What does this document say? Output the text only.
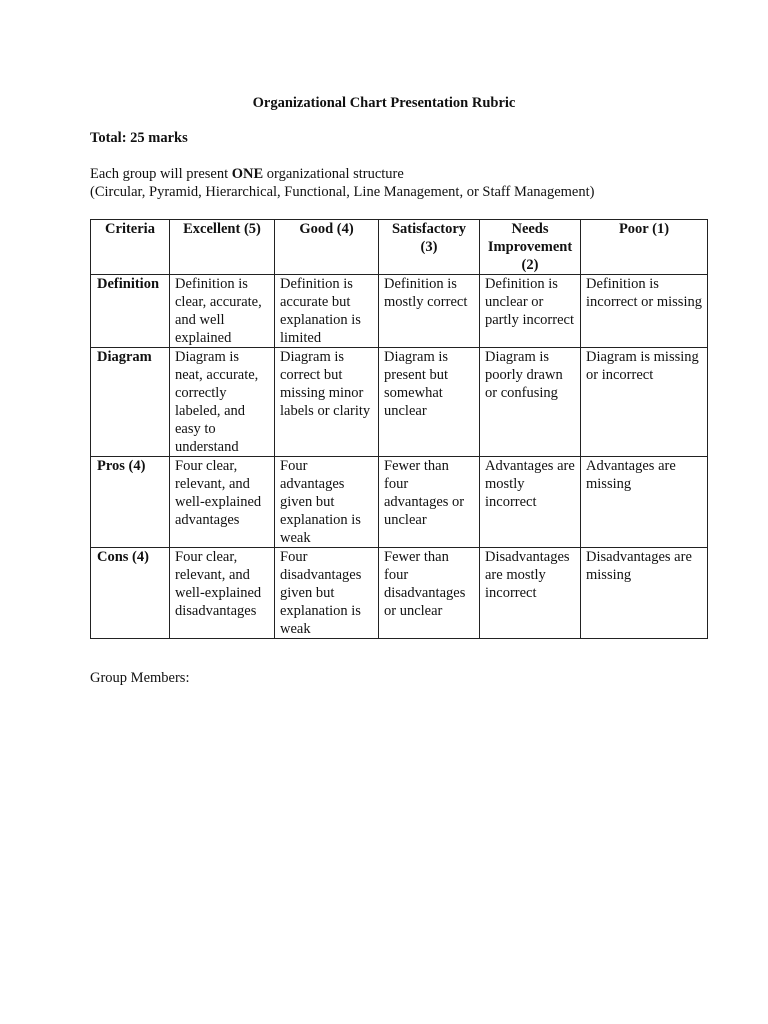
Organizational Chart Presentation Rubric
Total: 25 marks

Each group will present ONE organizational structure

(Circular, Pyramid, Hierarchical, Functional, Line Management, or Staff Management)

Criteria	Excellent (5)	Good (4)	Satisfactory (3)	Needs Improvement (2)	Poor (1)
Definition	Definition is clear, accurate, and well explained	Definition is accurate but explanation is limited	Definition is mostly correct	Definition is unclear or partly incorrect	Definition is incorrect or missing
Diagram	Diagram is neat, accurate, correctly labeled, and easy to understand	Diagram is correct but missing minor labels or clarity	Diagram is present but somewhat unclear	Diagram is poorly drawn or confusing	Diagram is missing or incorrect
Pros (4)	Four clear, relevant, and well-explained advantages	Four advantages given but explanation is weak	Fewer than four advantages or unclear	Advantages are mostly incorrect	Advantages are missing
Cons (4)	Four clear, relevant, and well-explained disadvantages	Four disadvantages given but explanation is weak	Fewer than four disadvantages or unclear	Disadvantages are mostly incorrect	Disadvantages are missing
Group Members:
